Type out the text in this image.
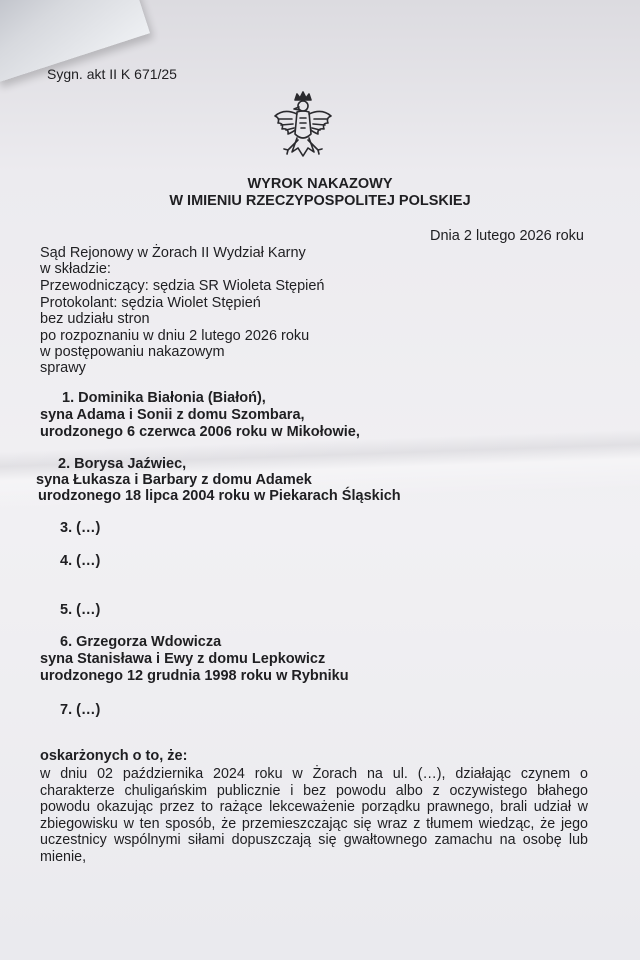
Sygn. akt II K 671/25
WYROK NAKAZOWY
W IMIENIU RZECZYPOSPOLITEJ POLSKIEJ
Dnia 2 lutego 2026 roku
Sąd Rejonowy w Żorach II Wydział Karny
w składzie:
Przewodniczący: sędzia SR Wioleta Stępień
Protokolant: sędzia Wiolet Stępień
bez udziału stron
po rozpoznaniu w dniu 2 lutego 2026 roku
w postępowaniu nakazowym
sprawy
1. Dominika Białonia (Białoń),
syna Adama i Sonii z domu Szombara,
urodzonego 6 czerwca 2006 roku w Mikołowie,
2. Borysa Jaźwiec,
syna Łukasza i Barbary z domu Adamek
urodzonego 18 lipca 2004 roku w Piekarach Śląskich
3. (…)
4. (…)
5. (…)
6. Grzegorza Wdowicza
syna Stanisława i Ewy z domu Lepkowicz
urodzonego 12 grudnia 1998 roku w Rybniku
7. (…)
oskarżonych o to, że:
w dniu 02 października 2024 roku w Żorach na ul. (…), działając czynem o
charakterze chuligańskim publicznie i bez powodu albo z oczywistego błahego
powodu okazując przez to rażące lekceważenie porządku prawnego, brali udział w
zbiegowisku w ten sposób, że przemieszczając się wraz z tłumem wiedząc, że jego
uczestnicy wspólnymi siłami dopuszczają się gwałtownego zamachu na osobę lub
mienie,
